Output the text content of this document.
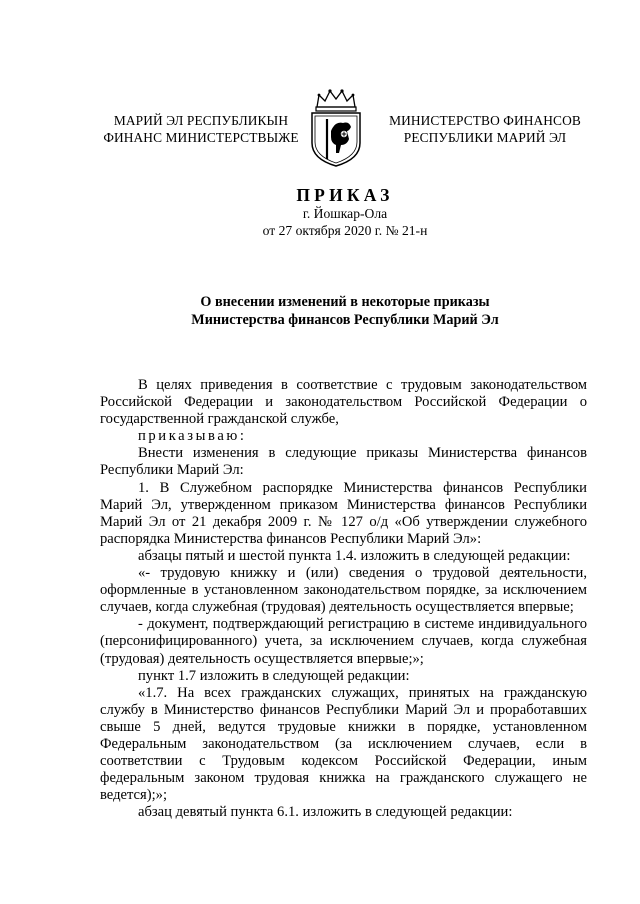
МАРИЙ ЭЛ РЕСПУБЛИКЫН
ФИНАНС МИНИСТЕРСТВЫЖЕ
МИНИСТЕРСТВО ФИНАНСОВ
РЕСПУБЛИКИ МАРИЙ ЭЛ
ПРИКАЗ
г. Йошкар-Ола
от 27 октября 2020 г. № 21-н
О внесении изменений в некоторые приказы
Министерства финансов Республики Марий Эл

В целях приведения в соответствие с трудовым законодательством Российской Федерации и законодательством Российской Федерации о государственной гражданской службе,

приказываю:

Внести изменения в следующие приказы Министерства финансов Республики Марий Эл:

1. В Служебном распорядке Министерства финансов Республики Марий Эл, утвержденном приказом Министерства финансов Республики Марий Эл от 21 декабря 2009 г. № 127 о/д «Об утверждении служебного распорядка Министерства финансов Республики Марий Эл»:

абзацы пятый и шестой пункта 1.4. изложить в следующей редакции:

«- трудовую книжку и (или) сведения о трудовой деятельности, оформленные в установленном законодательством порядке, за исключением случаев, когда служебная (трудовая) деятельность осуществляется впервые;

- документ, подтверждающий регистрацию в системе индивидуального (персонифицированного) учета, за исключением случаев, когда служебная (трудовая) деятельность осуществляется впервые;»;

пункт 1.7 изложить в следующей редакции:

«1.7. На всех гражданских служащих, принятых на гражданскую службу в Министерство финансов Республики Марий Эл и проработавших свыше 5 дней, ведутся трудовые книжки в порядке, установленном Федеральным законодательством (за исключением случаев, если в соответствии с Трудовым кодексом Российской Федерации, иным федеральным законом трудовая книжка на гражданского служащего не ведется);»;

абзац девятый пункта 6.1. изложить в следующей редакции:
